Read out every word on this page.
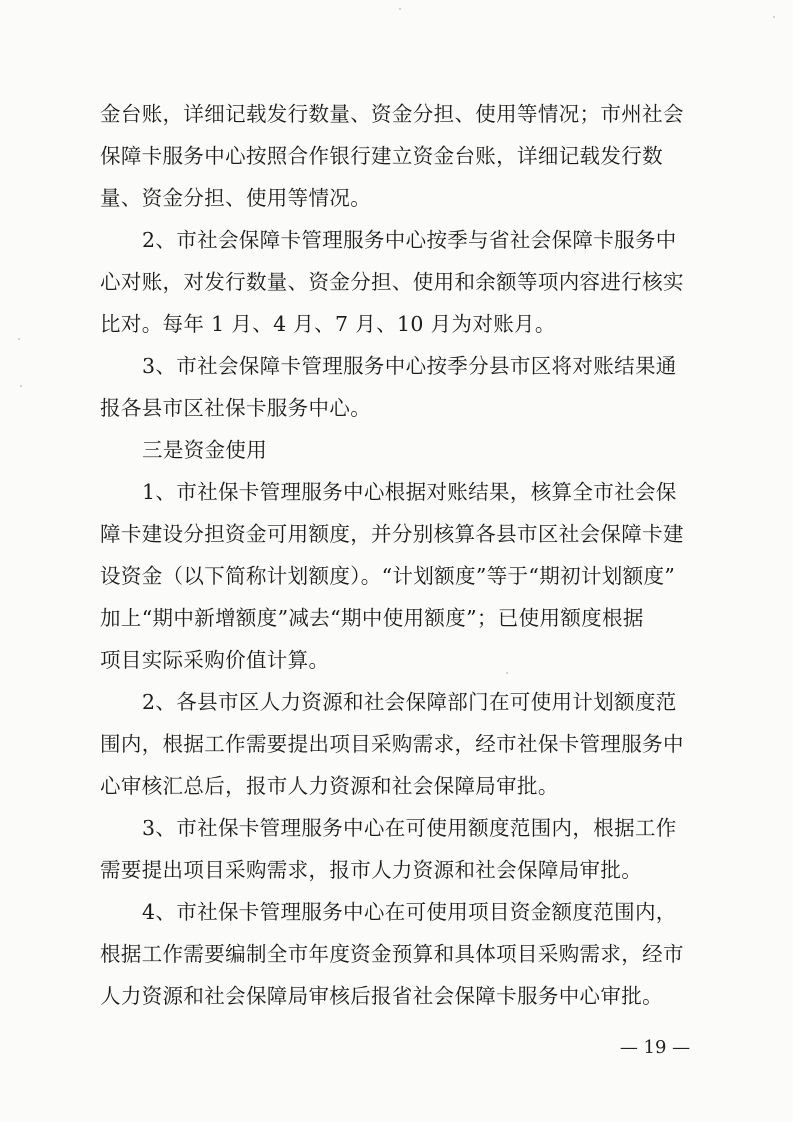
金台账，详细记载发行数量、资金分担、使用等情况；市州社会
保障卡服务中心按照合作银行建立资金台账，详细记载发行数
量、资金分担、使用等情况。
2、市社会保障卡管理服务中心按季与省社会保障卡服务中
心对账，对发行数量、资金分担、使用和余额等项内容进行核实
比对。每年 1 月、4 月、7 月、10 月为对账月。
3、市社会保障卡管理服务中心按季分县市区将对账结果通
报各县市区社保卡服务中心。
三是资金使用
1、市社保卡管理服务中心根据对账结果，核算全市社会保
障卡建设分担资金可用额度，并分别核算各县市区社会保障卡建
设资金（以下简称计划额度）。“计划额度”等于“期初计划额度”
加上“期中新增额度”减去“期中使用额度”；已使用额度根据
项目实际采购价值计算。
2、各县市区人力资源和社会保障部门在可使用计划额度范
围内，根据工作需要提出项目采购需求，经市社保卡管理服务中
心审核汇总后，报市人力资源和社会保障局审批。
3、市社保卡管理服务中心在可使用额度范围内，根据工作
需要提出项目采购需求，报市人力资源和社会保障局审批。
4、市社保卡管理服务中心在可使用项目资金额度范围内，
根据工作需要编制全市年度资金预算和具体项目采购需求，经市
人力资源和社会保障局审核后报省社会保障卡服务中心审批。
— 19 —
